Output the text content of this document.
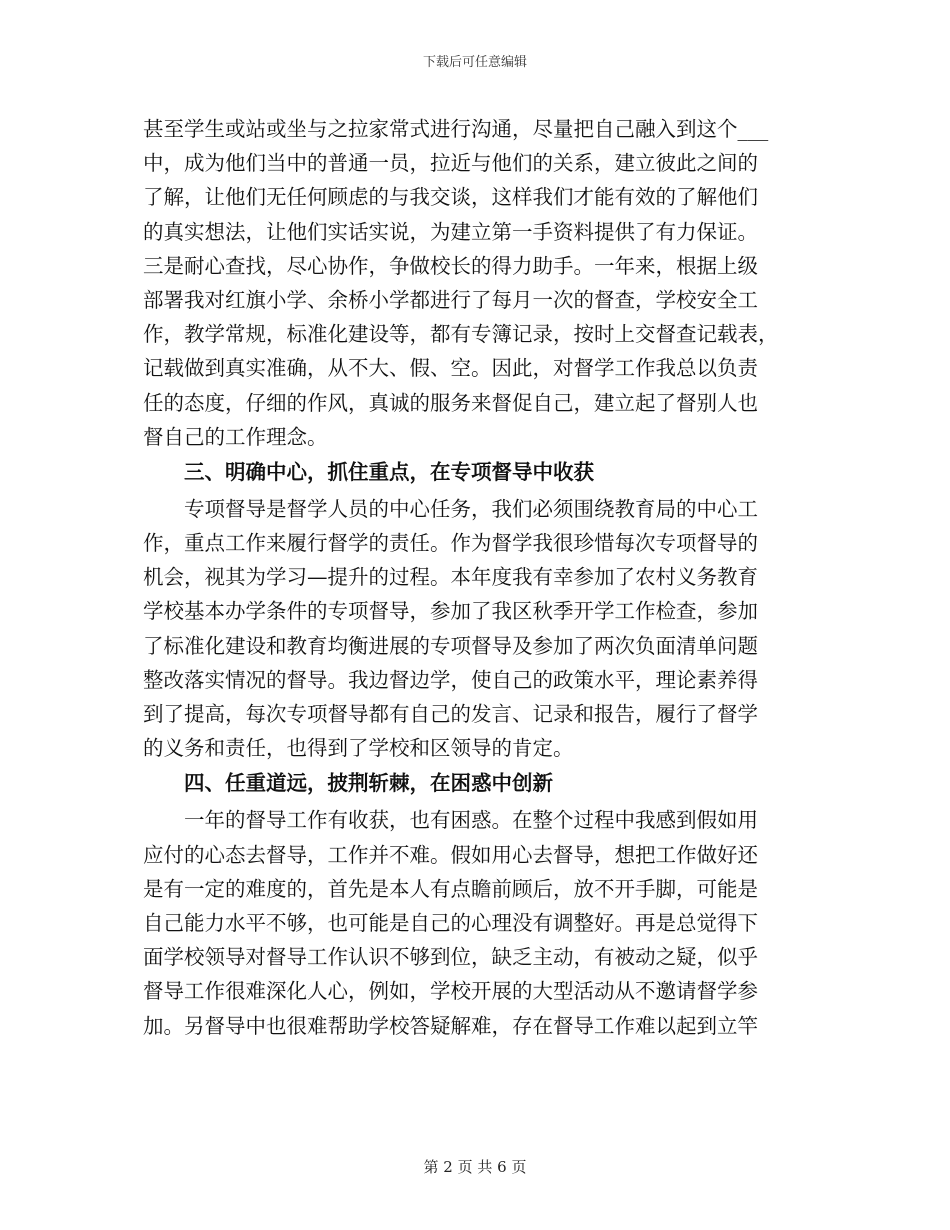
下载后可任意编辑
甚至学生或站或坐与之拉家常式进行沟通，尽量把自己融入到这个___
中，成为他们当中的普通一员，拉近与他们的关系，建立彼此之间的
了解，让他们无任何顾虑的与我交谈，这样我们才能有效的了解他们
的真实想法，让他们实话实说，为建立第一手资料提供了有力保证。
三是耐心查找，尽心协作，争做校长的得力助手。一年来，根据上级
部署我对红旗小学、余桥小学都进行了每月一次的督查，学校安全工
作，教学常规，标准化建设等，都有专簿记录，按时上交督查记载表，
记载做到真实准确，从不大、假、空。因此，对督学工作我总以负责
任的态度，仔细的作风，真诚的服务来督促自己，建立起了督别人也
督自己的工作理念。
三、明确中心，抓住重点，在专项督导中收获
专项督导是督学人员的中心任务，我们必须围绕教育局的中心工
作，重点工作来履行督学的责任。作为督学我很珍惜每次专项督导的
机会，视其为学习—提升的过程。本年度我有幸参加了农村义务教育
学校基本办学条件的专项督导，参加了我区秋季开学工作检查，参加
了标准化建设和教育均衡进展的专项督导及参加了两次负面清单问题
整改落实情况的督导。我边督边学，使自己的政策水平，理论素养得
到了提高，每次专项督导都有自己的发言、记录和报告，履行了督学
的义务和责任，也得到了学校和区领导的肯定。
四、任重道远，披荆斩棘，在困惑中创新
一年的督导工作有收获，也有困惑。在整个过程中我感到假如用
应付的心态去督导，工作并不难。假如用心去督导，想把工作做好还
是有一定的难度的，首先是本人有点瞻前顾后，放不开手脚，可能是
自己能力水平不够，也可能是自己的心理没有调整好。再是总觉得下
面学校领导对督导工作认识不够到位，缺乏主动，有被动之疑，似乎
督导工作很难深化人心，例如，学校开展的大型活动从不邀请督学参
加。另督导中也很难帮助学校答疑解难，存在督导工作难以起到立竿
第 2 页 共 6 页
